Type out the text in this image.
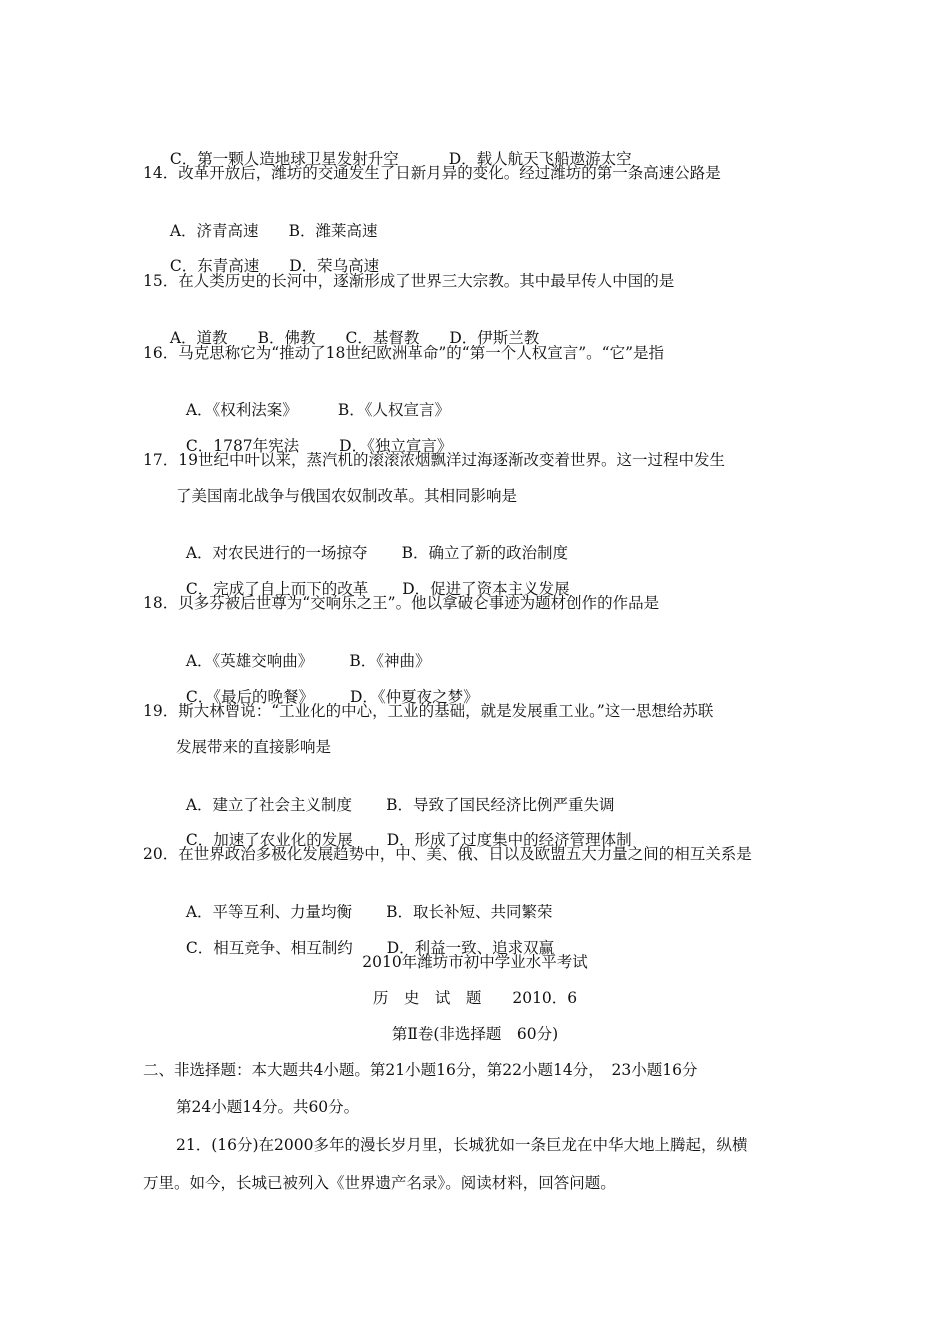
C．第一颗人造地球卫星发射升空	D．载人航天飞船遨游太空

14．改革开放后，潍坊的交通发生了日新月异的变化。经过潍坊的第一条高速公路是

A．济青高速 B．潍莱高速

C．东青高速 D．荣乌高速

15．在人类历史的长河中，逐渐形成了世界三大宗教。其中最早传人中国的是

A．道教 B．佛教 C．基督教 D．伊斯兰教

16．马克思称它为“推动了18世纪欧洲革命”的“第一个人权宣言”。“它”是指

A．《权利法案》	B．《人权宣言》

C．1787年宪法	D．《独立宣言》

17．19世纪中叶以来，蒸汽机的滚滚浓烟飘洋过海逐渐改变着世界。这一过程中发生
了美国南北战争与俄国农奴制改革。其相同影响是

A．对农民进行的一场掠夺 B．确立了新的政治制度

C．完成了自上而下的改革 D．促进了资本主义发展

18．贝多芬被后世尊为“交响乐之王”。他以拿破仑事迹为题材创作的作品是

A．《英雄交响曲》 B．《神曲》

C．《最后的晚餐》 D．《仲夏夜之梦》

19．斯大林曾说：“工业化的中心，工业的基础，就是发展重工业。”这一思想给苏联
发展带来的直接影响是

A．建立了社会主义制度 B．导致了国民经济比例严重失调

C．加速了农业化的发展 D．形成了过度集中的经济管理体制

20．在世界政治多极化发展趋势中，中、美、俄、日以及欧盟五大力量之间的相互关系是

A．平等互利、力量均衡 B．取长补短、共同繁荣

C．相互竞争、相互制约 D．利益一致、追求双赢

2010年潍坊市初中学业水平考试
历　史　试　题　　2010．6
第Ⅱ卷(非选择题　60分)
二、非选择题：本大题共4小题。第21小题16分，第22小题14分，　23小题16分
第24小题14分。共60分。
21．(16分)在2000多年的漫长岁月里，长城犹如一条巨龙在中华大地上腾起，纵横
万里。如今，长城已被列入《世界遗产名录》。阅读材料，回答问题。
